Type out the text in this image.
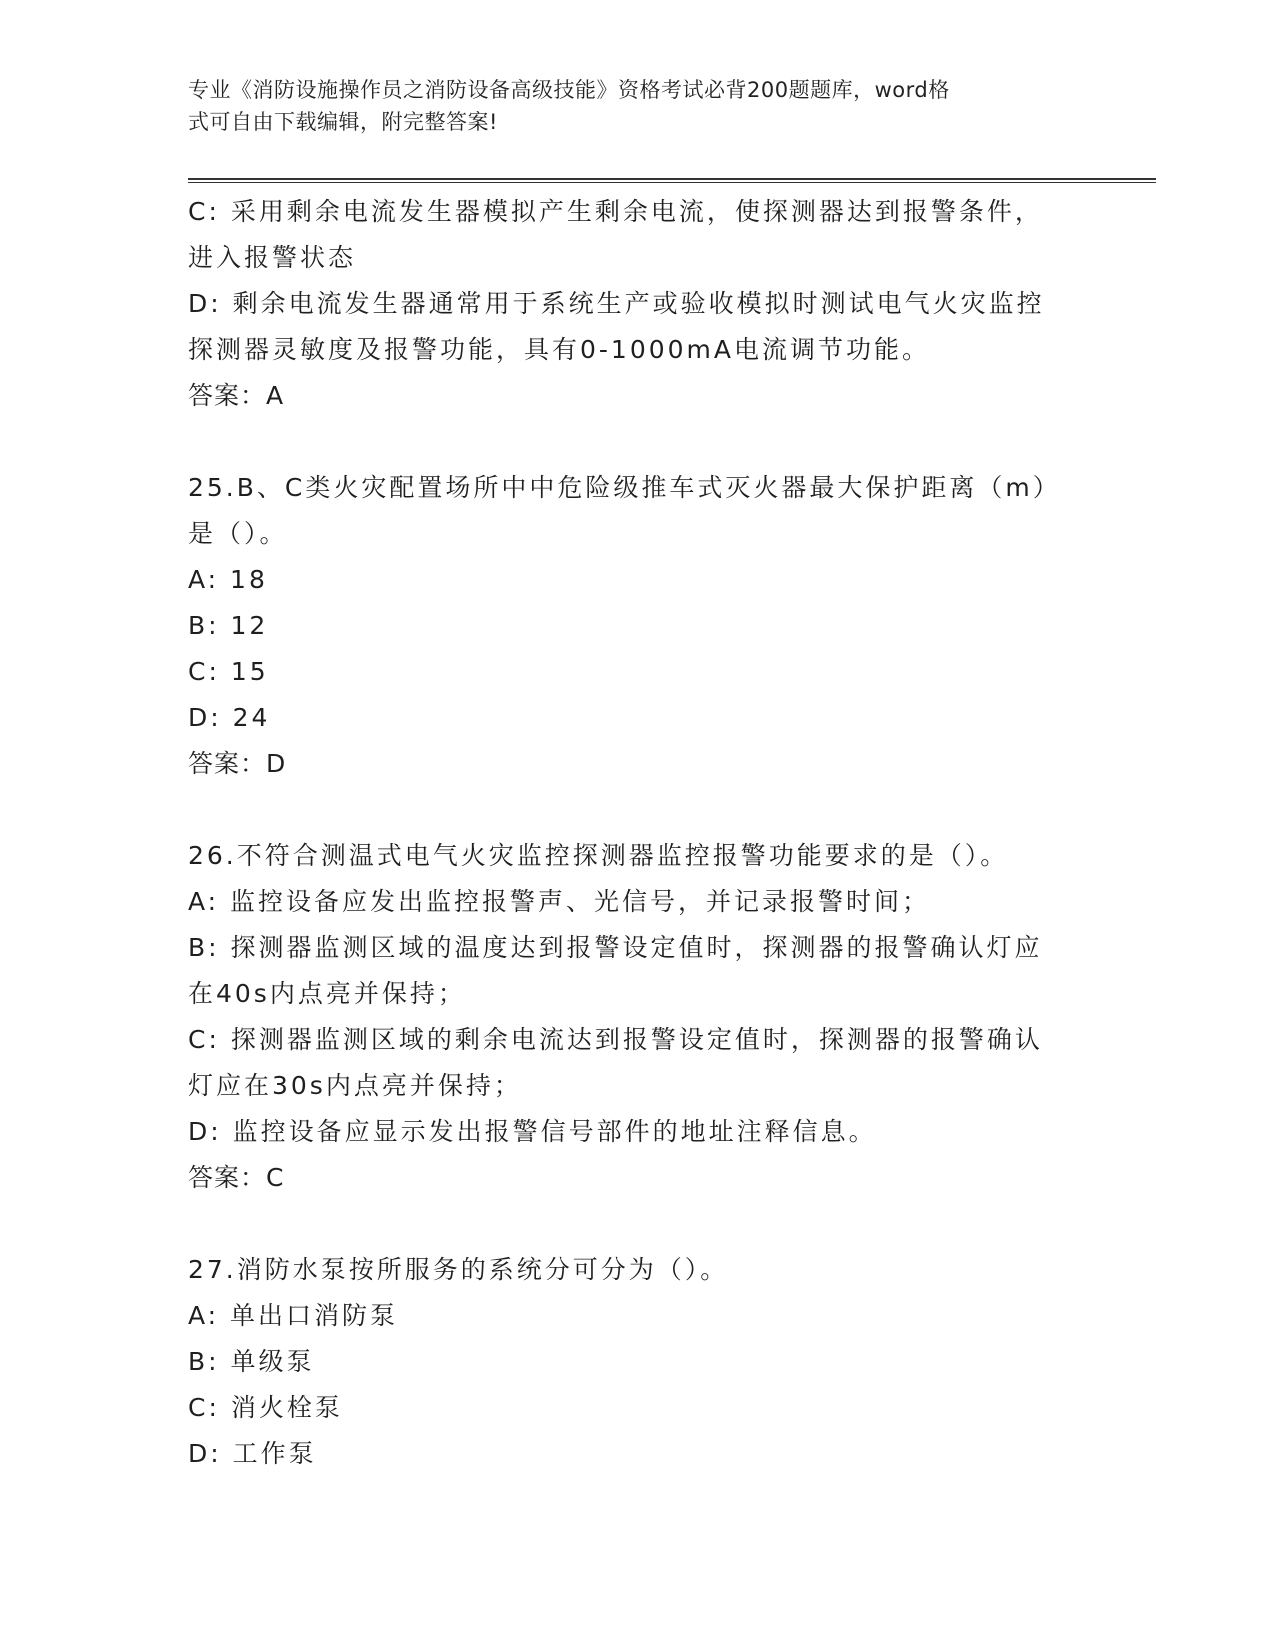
专业《消防设施操作员之消防设备高级技能》资格考试必背200题题库，word格
式可自由下载编辑，附完整答案!
C: 采用剩余电流发生器模拟产生剩余电流，使探测器达到报警条件，
进入报警状态
D: 剩余电流发生器通常用于系统生产或验收模拟时测试电气火灾监控
探测器灵敏度及报警功能，具有0-1000mA电流调节功能。
答案：A
25.B、C类火灾配置场所中中危险级推车式灭火器最大保护距离（m）
是（）。
A: 18
B: 12
C: 15
D: 24
答案：D
26.不符合测温式电气火灾监控探测器监控报警功能要求的是（）。
A: 监控设备应发出监控报警声、光信号，并记录报警时间；
B: 探测器监测区域的温度达到报警设定值时，探测器的报警确认灯应
在40s内点亮并保持；
C: 探测器监测区域的剩余电流达到报警设定值时，探测器的报警确认
灯应在30s内点亮并保持；
D: 监控设备应显示发出报警信号部件的地址注释信息。
答案：C
27.消防水泵按所服务的系统分可分为（）。
A: 单出口消防泵
B: 单级泵
C: 消火栓泵
D: 工作泵
